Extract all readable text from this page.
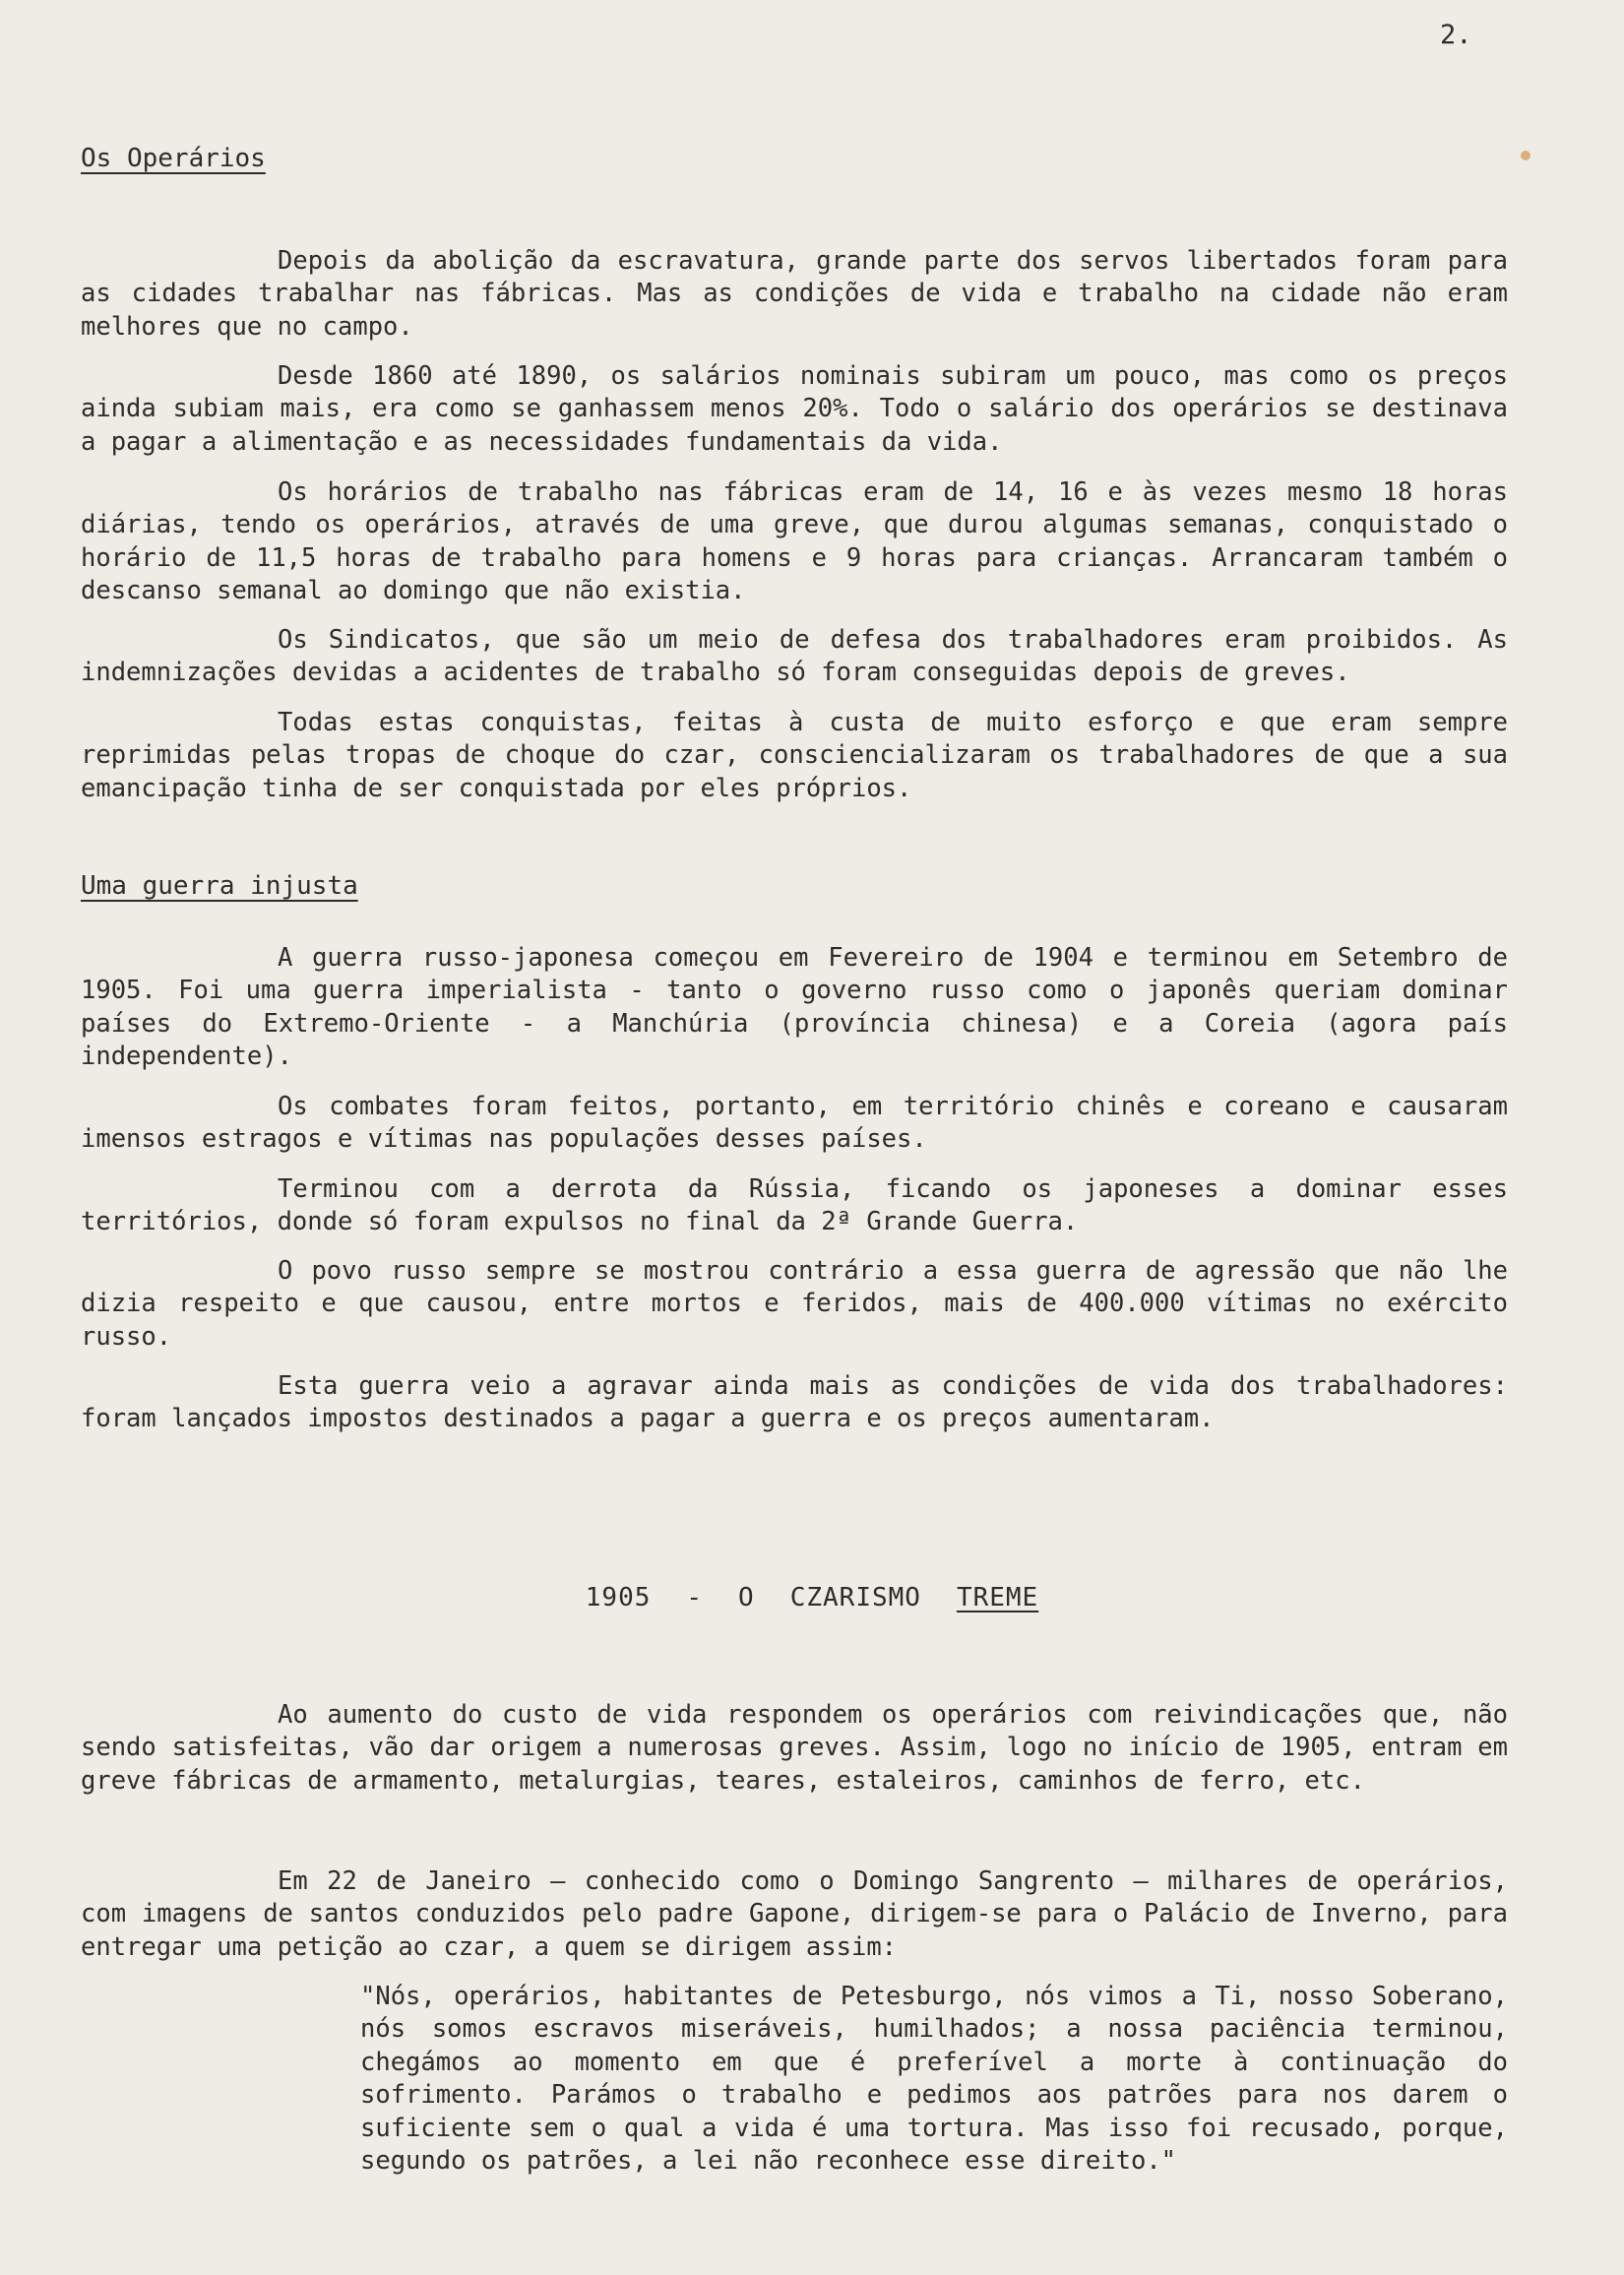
2.
Os Operários
Depois da abolição da escravatura, grande parte dos servos libertados foram para as cidades trabalhar nas fábricas. Mas as condições de vida e trabalho na cidade não eram melhores que no campo.
Desde 1860 até 1890, os salários nominais subiram um pouco, mas como os preços ainda subiam mais, era como se ganhassem menos 20%. Todo o salário dos operários se destinava a pagar a alimentação e as necessidades fundamentais da vida.
Os horários de trabalho nas fábricas eram de 14, 16 e às vezes mesmo 18 horas diárias, tendo os operários, através de uma greve, que durou algumas semanas, conquistado o horário de 11,5 horas de trabalho para homens e 9 horas para crianças. Arrancaram também o descanso semanal ao domingo que não existia.
Os Sindicatos, que são um meio de defesa dos trabalhadores eram proibidos. As indemnizações devidas a acidentes de trabalho só foram conseguidas depois de greves.
Todas estas conquistas, feitas à custa de muito esforço e que eram sempre reprimidas pelas tropas de choque do czar, consciencializaram os trabalhadores de que a sua emancipação tinha de ser conquistada por eles próprios.
Uma guerra injusta
A guerra russo-japonesa começou em Fevereiro de 1904 e terminou em Setembro de 1905. Foi uma guerra imperialista - tanto o governo russo como o japonês queriam dominar países do Extremo-Oriente - a Manchúria (província chinesa) e a Coreia (agora país independente).
Os combates foram feitos, portanto, em território chinês e coreano e causaram imensos estragos e vítimas nas populações desses países.
Terminou com a derrota da Rússia, ficando os japoneses a dominar esses territórios, donde só foram expulsos no final da 2ª Grande Guerra.
O povo russo sempre se mostrou contrário a essa guerra de agressão que não lhe dizia respeito e que causou, entre mortos e feridos, mais de 400.000 vítimas no exército russo.
Esta guerra veio a agravar ainda mais as condições de vida dos trabalhadores: foram lançados impostos destinados a pagar a guerra e os preços aumentaram.
1905 - O CZARISMO TREME
Ao aumento do custo de vida respondem os operários com reivindicações que, não sendo satisfeitas, vão dar origem a numerosas greves. Assim, logo no início de 1905, entram em greve fábricas de armamento, metalurgias, teares, estaleiros, caminhos de ferro, etc.
Em 22 de Janeiro — conhecido como o Domingo Sangrento — milhares de operários, com imagens de santos conduzidos pelo padre Gapone, dirigem-se para o Palácio de Inverno, para entregar uma petição ao czar, a quem se dirigem assim:
"Nós, operários, habitantes de Petesburgo, nós vimos a Ti, nosso Soberano, nós somos escravos miseráveis, humilhados; a nossa paciência terminou, chegámos ao momento em que é preferível a morte à continuação do sofrimento. Parámos o trabalho e pedimos aos patrões para nos darem o suficiente sem o qual a vida é uma tortura. Mas isso foi recusado, porque, segundo os patrões, a lei não reconhece esse direito."
